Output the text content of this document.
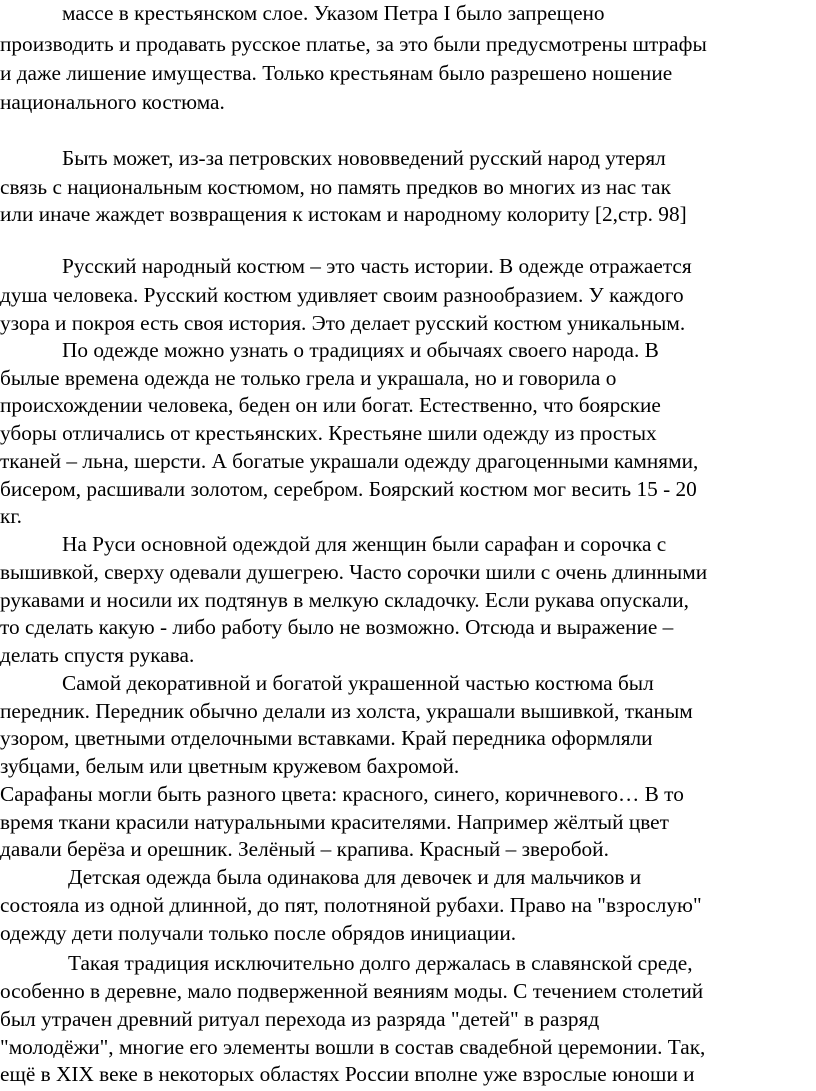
массе в крестьянском слое. Указом Петра I было запрещено
производить и продавать русское платье, за это были предусмотрены штрафы
и даже лишение имущества. Только крестьянам было разрешено ношение
национального костюма.
Быть может, из-за петровских нововведений русский народ утерял
связь с национальным костюмом, но память предков во многих из нас так
или иначе жаждет возвращения к истокам и народному колориту [2,стр. 98]
Русский народный костюм – это часть истории. В одежде отражается
душа человека. Русский костюм удивляет своим разнообразием. У каждого
узора и покроя есть своя история. Это делает русский костюм уникальным.
По одежде можно узнать о традициях и обычаях своего народа. В
былые времена одежда не только грела и украшала, но и говорила о
происхождении человека, беден он или богат. Естественно, что боярские
уборы отличались от крестьянских. Крестьяне шили одежду из простых
тканей – льна, шерсти. А богатые украшали одежду драгоценными камнями,
бисером, расшивали золотом, серебром. Боярский костюм мог весить 15 - 20
кг.
На Руси основной одеждой для женщин были сарафан и сорочка с
вышивкой, сверху одевали душегрею. Часто сорочки шили с очень длинными
рукавами и носили их подтянув в мелкую складочку. Если рукава опускали,
то сделать какую - либо работу было не возможно. Отсюда и выражение –
делать спустя рукава.
Самой декоративной и богатой украшенной частью костюма был
передник. Передник обычно делали из холста, украшали вышивкой, тканым
узором, цветными отделочными вставками. Край передника оформляли
зубцами, белым или цветным кружевом бахромой.
Сарафаны могли быть разного цвета: красного, синего, коричневого… В то
время ткани красили натуральными красителями. Например жёлтый цвет
давали берёза и орешник. Зелёный – крапива. Красный – зверобой.
Детская одежда была одинакова для девочек и для мальчиков и
состояла из одной длинной, до пят, полотняной рубахи. Право на "взрослую"
одежду дети получали только после обрядов инициации.
Такая традиция исключительно долго держалась в славянской среде,
особенно в деревне, мало подверженной веяниям моды. С течением столетий
был утрачен древний ритуал перехода из разряда "детей" в разряд
"молодёжи", многие его элементы вошли в состав свадебной церемонии. Так,
ещё в XIX веке в некоторых областях России вполне уже взрослые юноши и
